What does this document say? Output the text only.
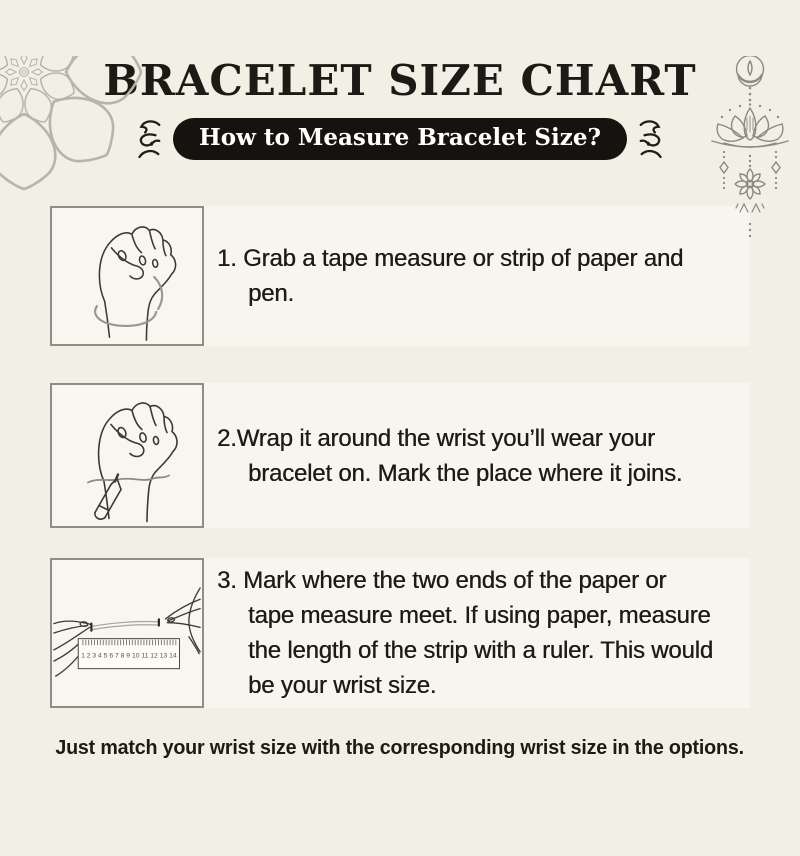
BRACELET SIZE CHART
How to Measure Bracelet Size?
1. Grab a tape measure or strip of paper and
pen.
2.Wrap it around the wrist you’ll wear your
bracelet on. Mark the place where it joins.
1 2 3 4 5 6 7 8 9 10 11 12 13 14
3. Mark where the two ends of the paper or
tape measure meet. If using paper, measure
the length of the strip with a ruler. This would
be your wrist size.

Just match your wrist size with the corresponding wrist size in the options.
